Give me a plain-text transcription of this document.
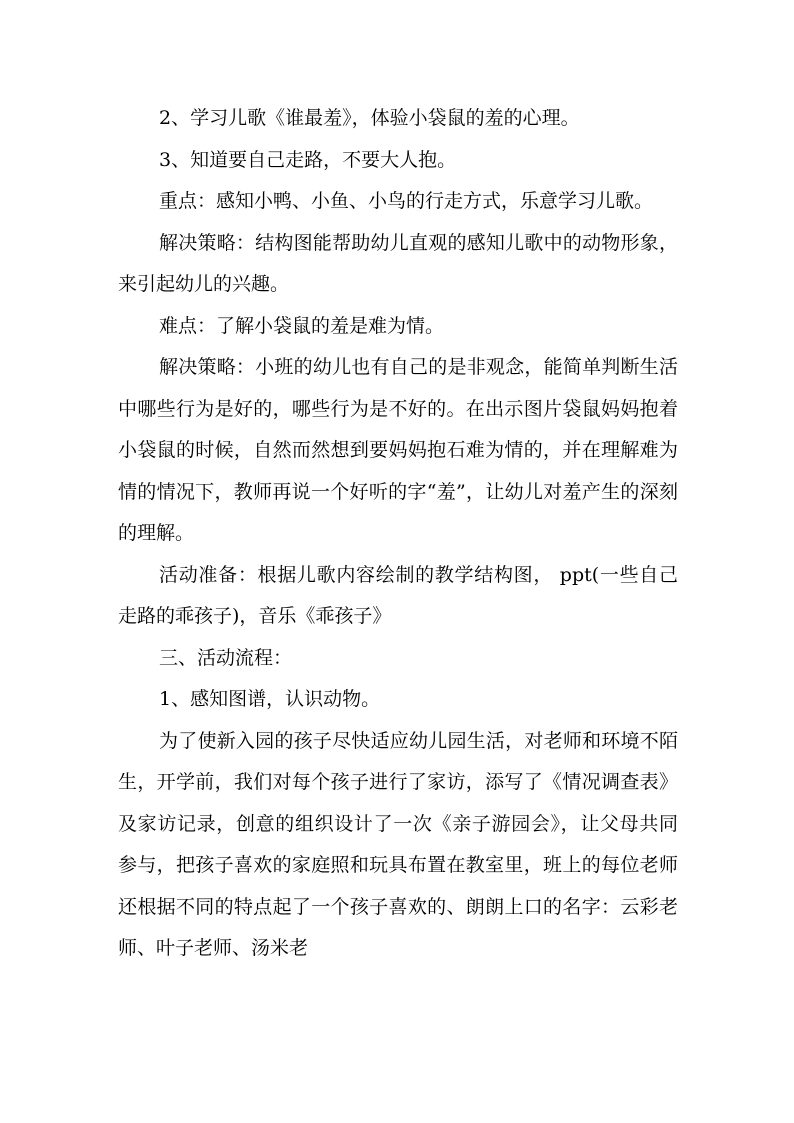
2、学习儿歌《谁最羞》，体验小袋鼠的羞的心理。

3、知道要自己走路，不要大人抱。

重点：感知小鸭、小鱼、小鸟的行走方式，乐意学习儿歌。

解决策略：结构图能帮助幼儿直观的感知儿歌中的动物形象，来引起幼儿的兴趣。

难点：了解小袋鼠的羞是难为情。

解决策略：小班的幼儿也有自己的是非观念，能简单判断生活中哪些行为是好的，哪些行为是不好的。在出示图片袋鼠妈妈抱着小袋鼠的时候，自然而然想到要妈妈抱石难为情的，并在理解难为情的情况下，教师再说一个好听的字“羞”，让幼儿对羞产生的深刻的理解。

活动准备：根据儿歌内容绘制的教学结构图， ppt(一些自己走路的乖孩子)，音乐《乖孩子》

三、活动流程：

1、感知图谱，认识动物。

为了使新入园的孩子尽快适应幼儿园生活，对老师和环境不陌生，开学前，我们对每个孩子进行了家访，添写了《情况调查表》及家访记录，创意的组织设计了一次《亲子游园会》，让父母共同参与，把孩子喜欢的家庭照和玩具布置在教室里，班上的每位老师还根据不同的特点起了一个孩子喜欢的、朗朗上口的名字：云彩老师、叶子老师、汤米老
